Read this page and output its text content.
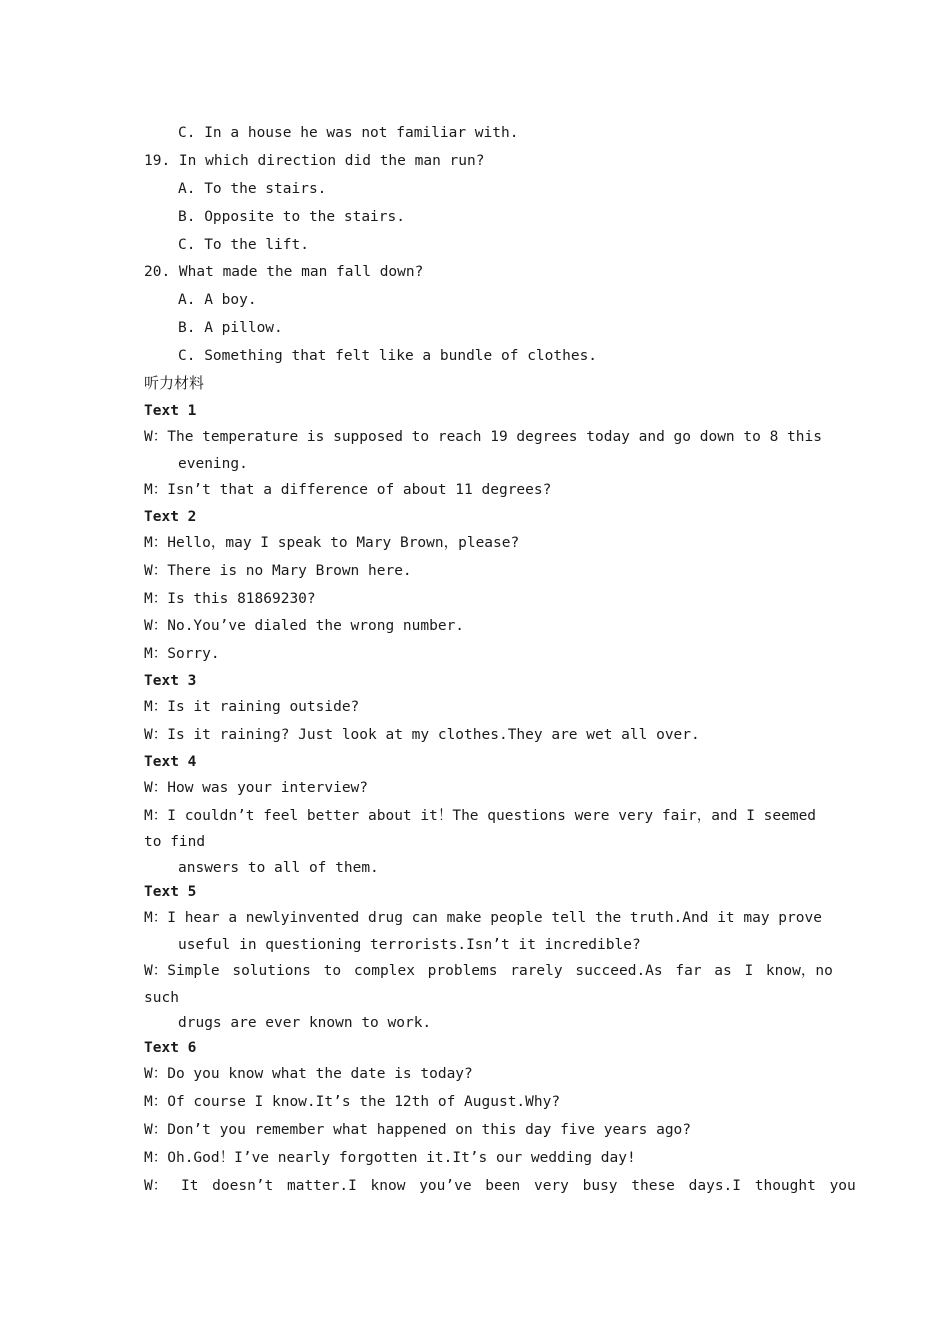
C. In a house he was not familiar with.
19. In which direction did the man run?
A. To the stairs.
B. Opposite to the stairs.
C. To the lift.
20. What made the man fall down?
A. A boy.
B. A pillow.
C. Something that felt like a bundle of clothes.
听力材料
Text 1
W：The temperature is supposed to reach 19 degrees today and go down to 8 this
evening.
M：Isn’t that a difference of about 11 degrees?
Text 2
M：Hello，may I speak to Mary Brown，please?
W：There is no Mary Brown here.
M：Is this 81869230?
W：No.You’ve dialed the wrong number.
M：Sorry.
Text 3
M：Is it raining outside?
W：Is it raining? Just look at my clothes.They are wet all over.
Text 4
W：How was your interview?
M：I couldn’t feel better about it！The questions were very fair，and I seemed
to find
answers to all of them.
Text 5
M：I hear a newlyinvented drug can make people tell the truth.And it may prove
useful in questioning terrorists.Isn’t it incredible?
W：Simple solutions to complex problems rarely succeed.As far as I know，no
such
drugs are ever known to work.
Text 6
W：Do you know what the date is today?
M：Of course I know.It’s the 12th of August.Why?
W：Don’t you remember what happened on this day five years ago?
M：Oh.God！I’ve nearly forgotten it.It’s our wedding day!
W： It doesn’t matter.I know you’ve been very busy these days.I thought you
